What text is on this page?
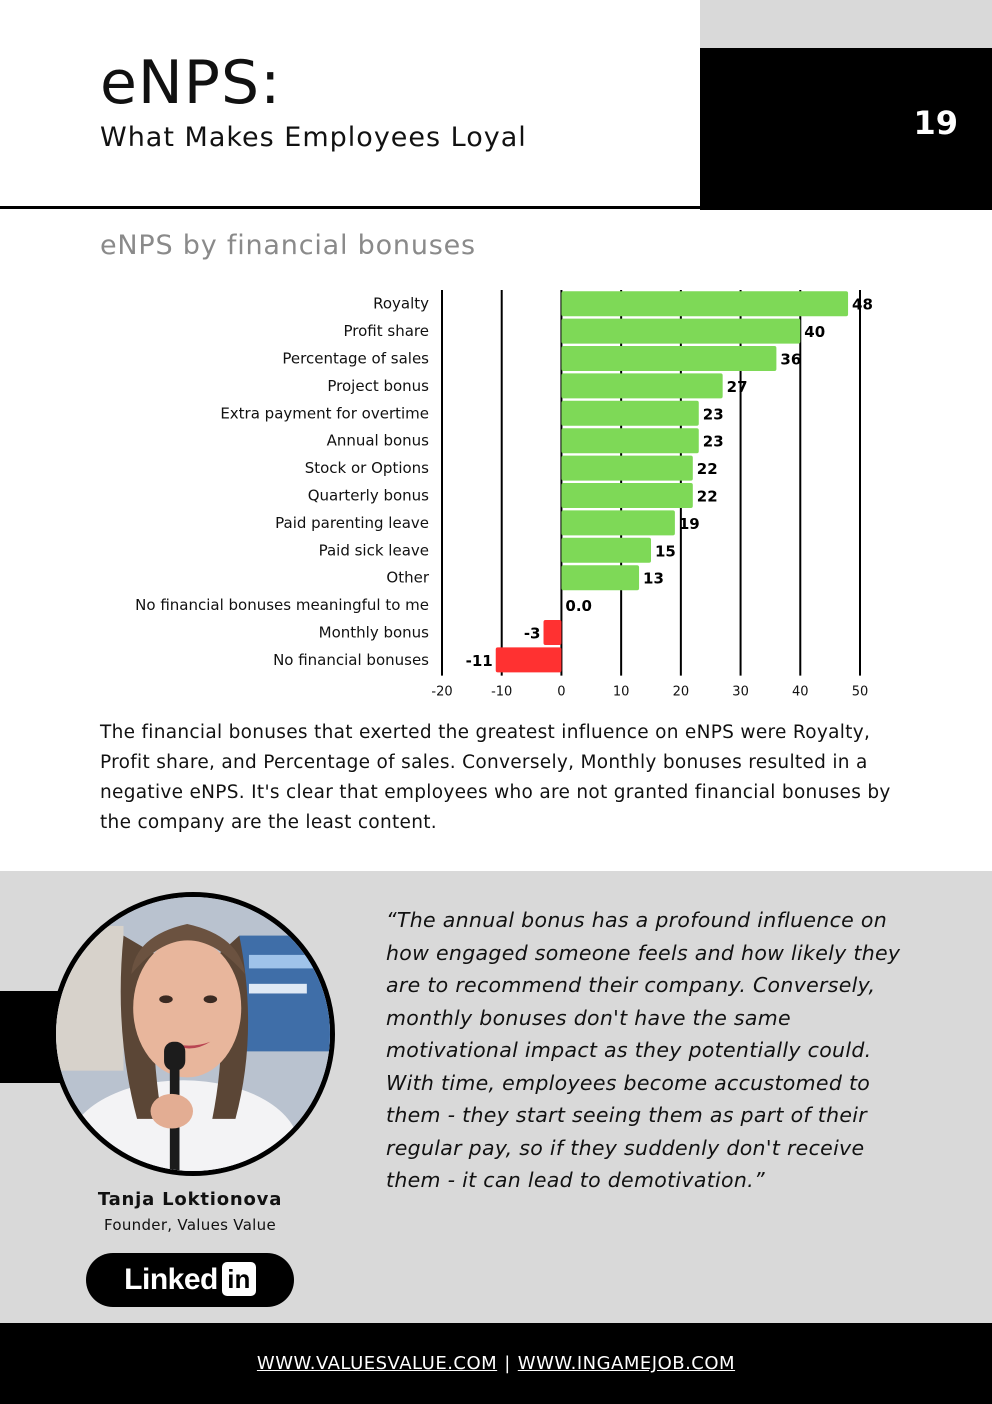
19
eNPS:
What Makes Employees Loyal
eNPS by financial bonuses
-20	-10	0	10	20	30	40	50
Royalty	48
Profit share	40
Percentage of sales	36
Project bonus	27
Extra payment for overtime	23
Annual bonus	23
Stock or Options	22
Quarterly bonus	22
Paid parenting leave	19
Paid sick leave	15
Other	13
No financial bonuses meaningful to me	0.0
Monthly bonus	-3
No financial bonuses -11

The financial bonuses that exerted the greatest influence on eNPS were Royalty, Profit share, and Percentage of sales. Conversely, Monthly bonuses resulted in a negative eNPS. It's clear that employees who are not granted financial bonuses by the company are the least content.

Tanja Loktionova
Founder, Values Value
Linked in
“The annual bonus has a profound influence on how engaged someone feels and how likely they are to recommend their company. Conversely, monthly bonuses don't have the same motivational impact as they potentially could. With time, employees become accustomed to them - they start seeing them as part of their regular pay, so if they suddenly don't receive them - it can lead to demotivation.”
WWW.VALUESVALUE.COM | WWW.INGAMEJOB.COM
